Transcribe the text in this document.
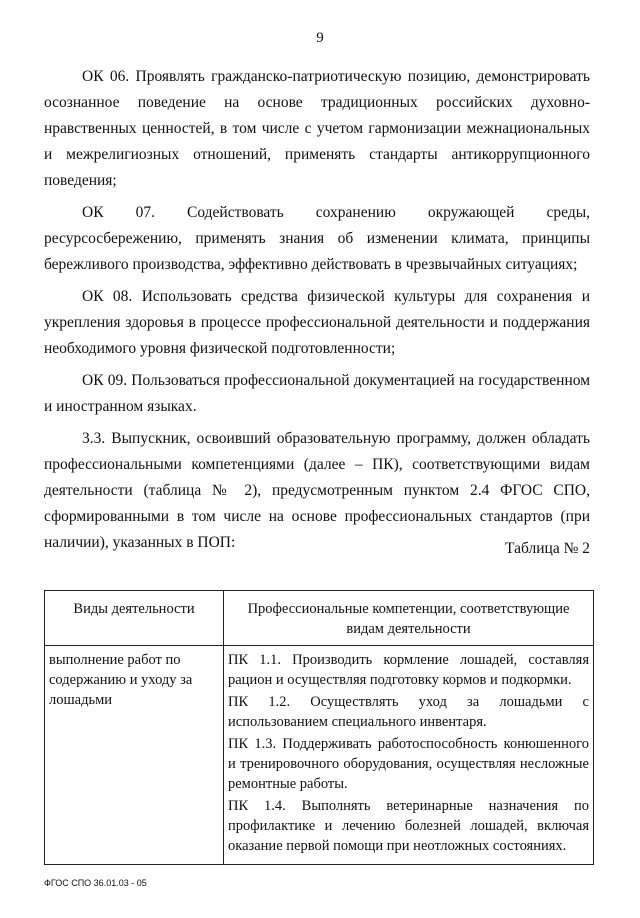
9

ОК 06. Проявлять гражданско-патриотическую позицию, демонстрировать осознанное поведение на основе традиционных российских духовно-нравственных ценностей, в том числе с учетом гармонизации межнациональных и межрелигиозных отношений, применять стандарты антикоррупционного поведения;

ОК 07. Содействовать сохранению окружающей среды, ресурсосбережению, применять знания об изменении климата, принципы бережливого производства, эффективно действовать в чрезвычайных ситуациях;

ОК 08. Использовать средства физической культуры для сохранения и укрепления здоровья в процессе профессиональной деятельности и поддержания необходимого уровня физической подготовленности;

ОК 09. Пользоваться профессиональной документацией на государственном и иностранном языках.

3.3. Выпускник, освоивший образовательную программу, должен обладать профессиональными компетенциями (далее – ПК), соответствующими видам деятельности (таблица № 2), предусмотренным пунктом 2.4 ФГОС СПО, сформированными в том числе на основе профессиональных стандартов (при наличии), указанных в ПОП:	Таблица № 2
Виды деятельности	Профессиональные компетенции, соответствующие видам деятельности
выполнение работ по содержанию и уходу за лошадьми	ПК 1.1. Производить кормление лошадей, составляя рацион и осуществляя подготовку кормов и подкормки.
ПК 1.2. Осуществлять уход за лошадьми с использованием специального инвентаря.
ПК 1.3. Поддерживать работоспособность конюшенного и тренировочного оборудования, осуществляя несложные ремонтные работы.
ПК 1.4. Выполнять ветеринарные назначения по профилактике и лечению болезней лошадей, включая оказание первой помощи при неотложных состояниях.
ФГОС СПО 36.01.03 - 05
